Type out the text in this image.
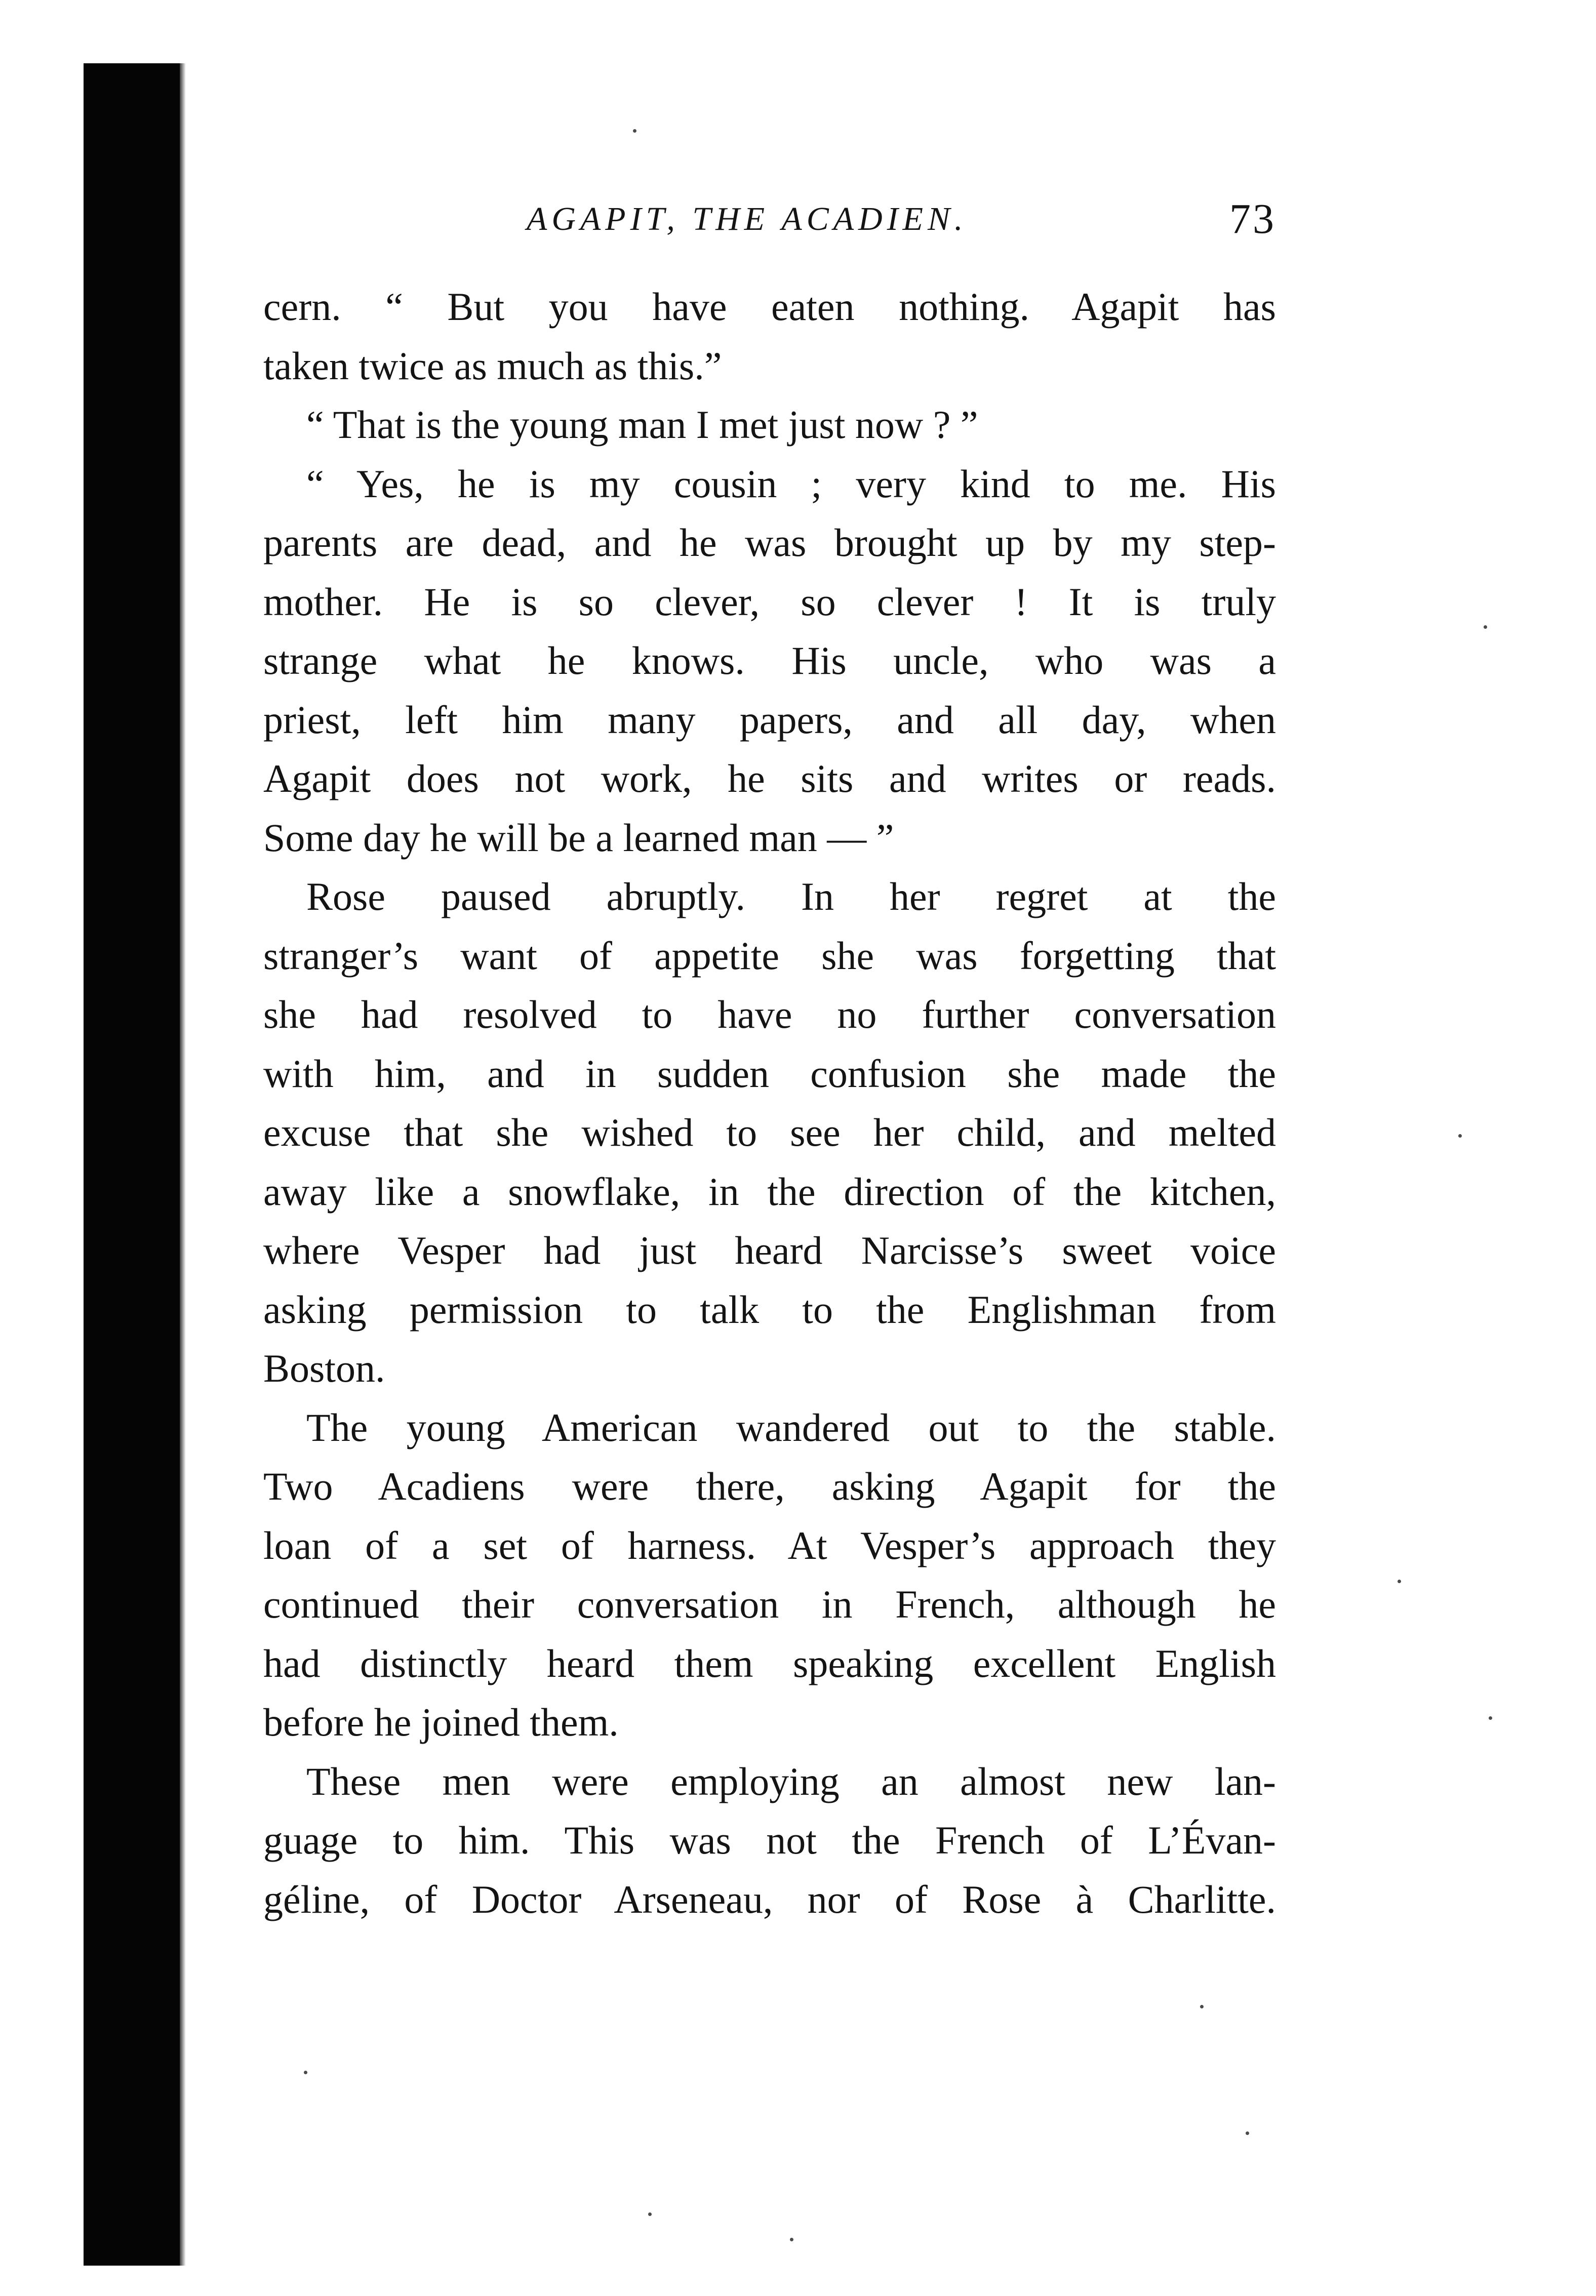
AGAPIT, THE ACADIEN.	73
cern. “ But you have eaten nothing. Agapit has
taken twice as much as this.”
“ That is the young man I met just now ? ”
“ Yes, he is my cousin ; very kind to me. His
parents are dead, and he was brought up by my step-
mother. He is so clever, so clever ! It is truly
strange what he knows. His uncle, who was a
priest, left him many papers, and all day, when
Agapit does not work, he sits and writes or reads.
Some day he will be a learned man — ”
Rose paused abruptly. In her regret at the
stranger’s want of appetite she was forgetting that
she had resolved to have no further conversation
with him, and in sudden confusion she made the
excuse that she wished to see her child, and melted
away like a snowflake, in the direction of the kitchen,
where Vesper had just heard Narcisse’s sweet voice
asking permission to talk to the Englishman from
Boston.
The young American wandered out to the stable.
Two Acadiens were there, asking Agapit for the
loan of a set of harness. At Vesper’s approach they
continued their conversation in French, although he
had distinctly heard them speaking excellent English
before he joined them.
These men were employing an almost new lan-
guage to him. This was not the French of L’Évan-
géline, of Doctor Arseneau, nor of Rose à Charlitte.
